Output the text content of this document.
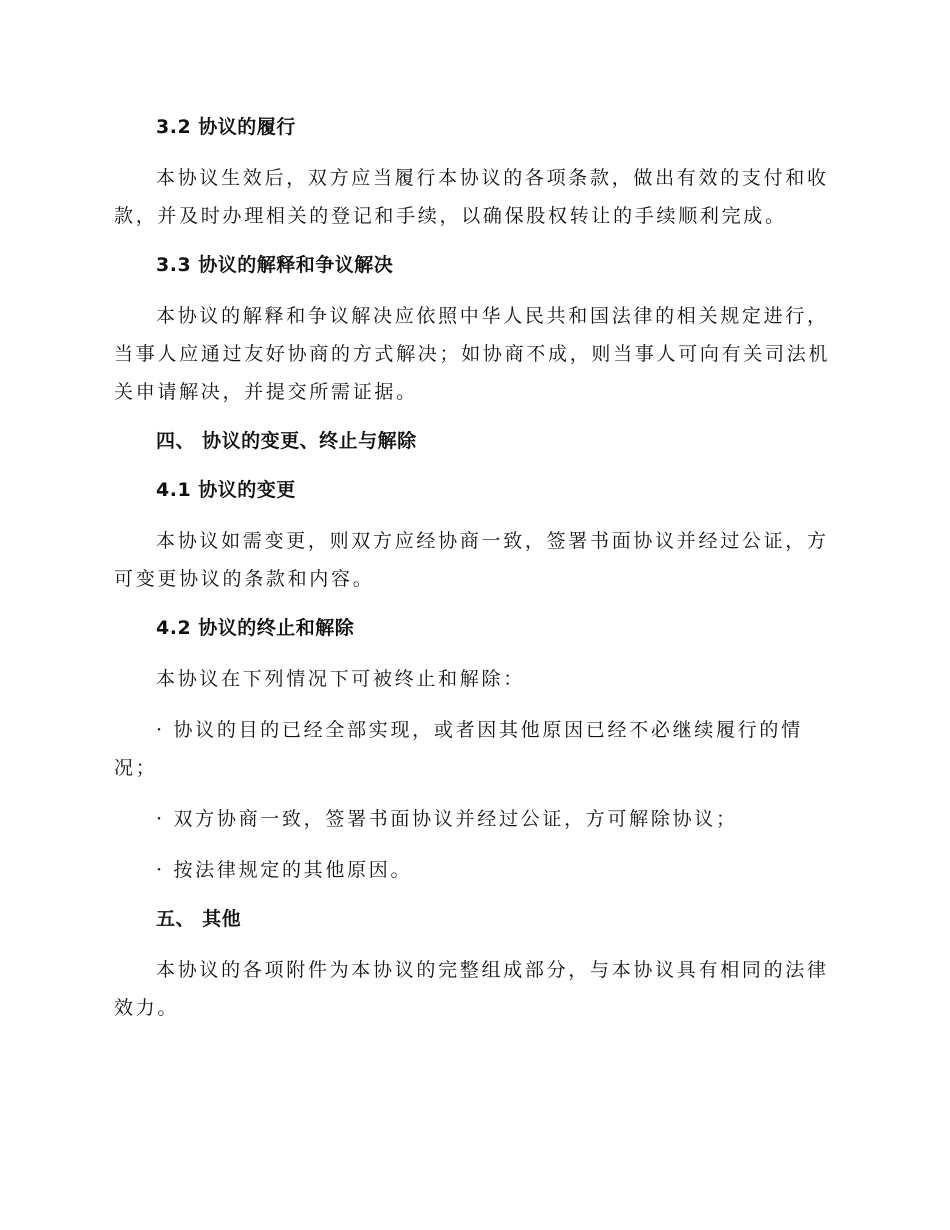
3.2 协议的履行
本协议生效后，双方应当履行本协议的各项条款，做出有效的支付和收款，并及时办理相关的登记和手续，以确保股权转让的手续顺利完成。
3.3 协议的解释和争议解决
本协议的解释和争议解决应依照中华人民共和国法律的相关规定进行，当事人应通过友好协商的方式解决；如协商不成，则当事人可向有关司法机关申请解决，并提交所需证据。
四、 协议的变更、终止与解除
4.1 协议的变更
本协议如需变更，则双方应经协商一致，签署书面协议并经过公证，方可变更协议的条款和内容。
4.2 协议的终止和解除
本协议在下列情况下可被终止和解除：
· 协议的目的已经全部实现，或者因其他原因已经不必继续履行的情况；
· 双方协商一致，签署书面协议并经过公证，方可解除协议；
· 按法律规定的其他原因。
五、 其他
本协议的各项附件为本协议的完整组成部分，与本协议具有相同的法律效力。
